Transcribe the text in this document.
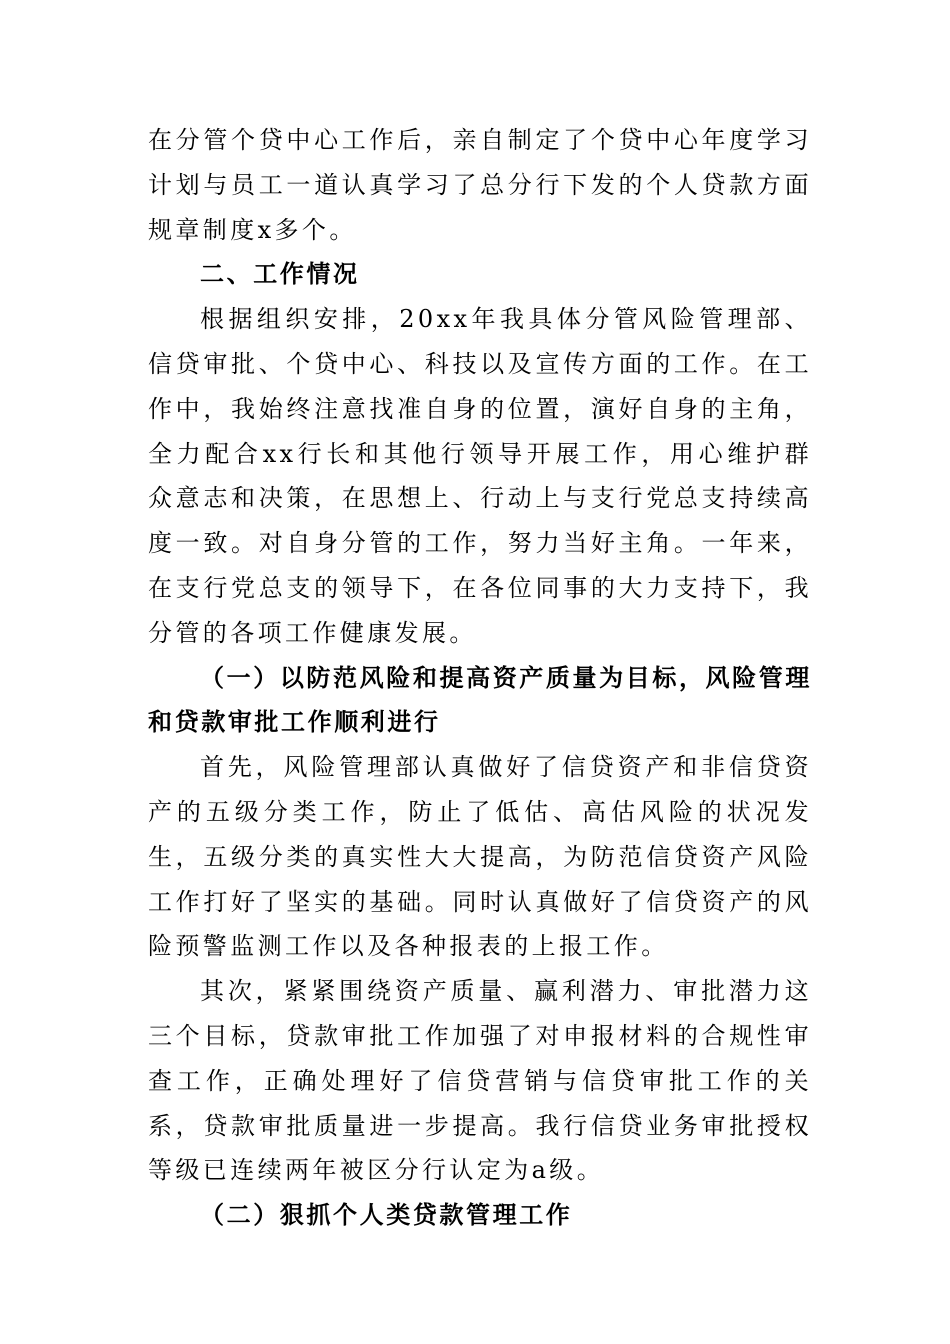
在分管个贷中心工作后，亲自制定了个贷中心年度学习计划与员工一道认真学习了总分行下发的个人贷款方面规章制度x多个。

二、工作情况

根据组织安排，20xx年我具体分管风险管理部、信贷审批、个贷中心、科技以及宣传方面的工作。在工作中，我始终注意找准自身的位置，演好自身的主角，全力配合xx行长和其他行领导开展工作，用心维护群众意志和决策，在思想上、行动上与支行党总支持续高度一致。对自身分管的工作，努力当好主角。一年来，在支行党总支的领导下，在各位同事的大力支持下，我分管的各项工作健康发展。

（一）以防范风险和提高资产质量为目标，风险管理和贷款审批工作顺利进行

首先，风险管理部认真做好了信贷资产和非信贷资产的五级分类工作，防止了低估、高估风险的状况发生，五级分类的真实性大大提高，为防范信贷资产风险工作打好了坚实的基础。同时认真做好了信贷资产的风险预警监测工作以及各种报表的上报工作。

其次，紧紧围绕资产质量、赢利潜力、审批潜力这三个目标，贷款审批工作加强了对申报材料的合规性审查工作，正确处理好了信贷营销与信贷审批工作的关系，贷款审批质量进一步提高。我行信贷业务审批授权等级已连续两年被区分行认定为a级。

（二）狠抓个人类贷款管理工作
